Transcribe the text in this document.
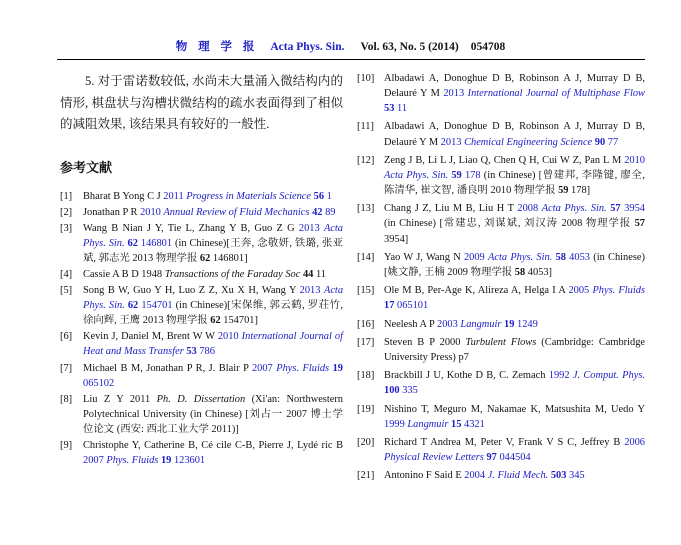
物 理 学 报 Acta Phys. Sin. Vol. 63, No. 5 (2014) 054708
5. 对于雷诺数较低, 水尚未大量涌入微结构内的情形, 棋盘状与沟槽状微结构的疏水表面得到了相似的减阻效果, 该结果具有较好的一般性.
参考文献
[1] Bharat B Yong C J 2011 Progress in Materials Science 56 1
[2] Jonathan P R 2010 Annual Review of Fluid Mechanics 42 89
[3] Wang B Nian J Y, Tie L, Zhang Y B, Guo Z G 2013 Acta Phys. Sin. 62 146801 (in Chinese)[王奔, 念敬妍, 铁璐, 张亚斌, 郭志光 2013 物理学报 62 146801]
[4] Cassie A B D 1948 Transactions of the Faraday Soc 44 11
[5] Song B W, Guo Y H, Luo Z Z, Xu X H, Wang Y 2013 Acta Phys. Sin. 62 154701 (in Chinese)[宋保维, 郭云鹤, 罗荘竹, 徐向辉, 王鹰 2013 物理学报 62 154701]
[6] Kevin J, Daniel M, Brent W W 2010 International Journal of Heat and Mass Transfer 53 786
[7] Michael B M, Jonathan P R, J. Blair P 2007 Phys. Fluids 19 065102
[8] Liu Z Y 2011 Ph. D. Dissertation (Xi'an: Northwestern Polytechnical University (in Chinese) [刘占一 2007 博士学位论文 (西安: 西北工业大学 2011)]
[9] Christophe Y, Catherine B, Cé cile C-B, Pierre J, Lydé ric B 2007 Phys. Fluids 19 123601
[10] Albadawi A, Donoghue D B, Robinson A J, Murray D B, Delauré Y M 2013 International Journal of Multiphase Flow 53 11
[11] Albadawi A, Donoghue D B, Robinson A J, Murray D B, Delauré Y M 2013 Chemical Engineering Science 90 77
[12] Zeng J B, Li L J, Liao Q, Chen Q H, Cui W Z, Pan L M 2010 Acta Phys. Sin. 59 178 (in Chinese) [曾建邦, 李隆键, 廖全, 陈清华, 崔文智, 潘良明 2010 物理学报 59 178]
[13] Chang J Z, Liu M B, Liu H T 2008 Acta Phys. Sin. 57 3954 (in Chinese) [常建忠, 刘谋斌, 刘汉涛 2008 物理学报 57 3954]
[14] Yao W J, Wang N 2009 Acta Phys. Sin. 58 4053 (in Chinese) [姚文静, 王楠 2009 物理学报 58 4053]
[15] Ole M B, Per-Age K, Alireza A, Helga I A 2005 Phys. Fluids 17 065101
[16] Neelesh A P 2003 Langmuir 19 1249
[17] Steven B P 2000 Turbulent Flows (Cambridge: Cambridge University Press) p7
[18] Brackbill J U, Kothe D B, C. Zemach 1992 J. Comput. Phys. 100 335
[19] Nishino T, Meguro M, Nakamae K, Matsushita M, Uedo Y 1999 Langmuir 15 4321
[20] Richard T Andrea M, Peter V, Frank V S C, Jeffrey B 2006 Physical Review Letters 97 044504
[21] Antonino F Said E 2004 J. Fluid Mech. 503 345
